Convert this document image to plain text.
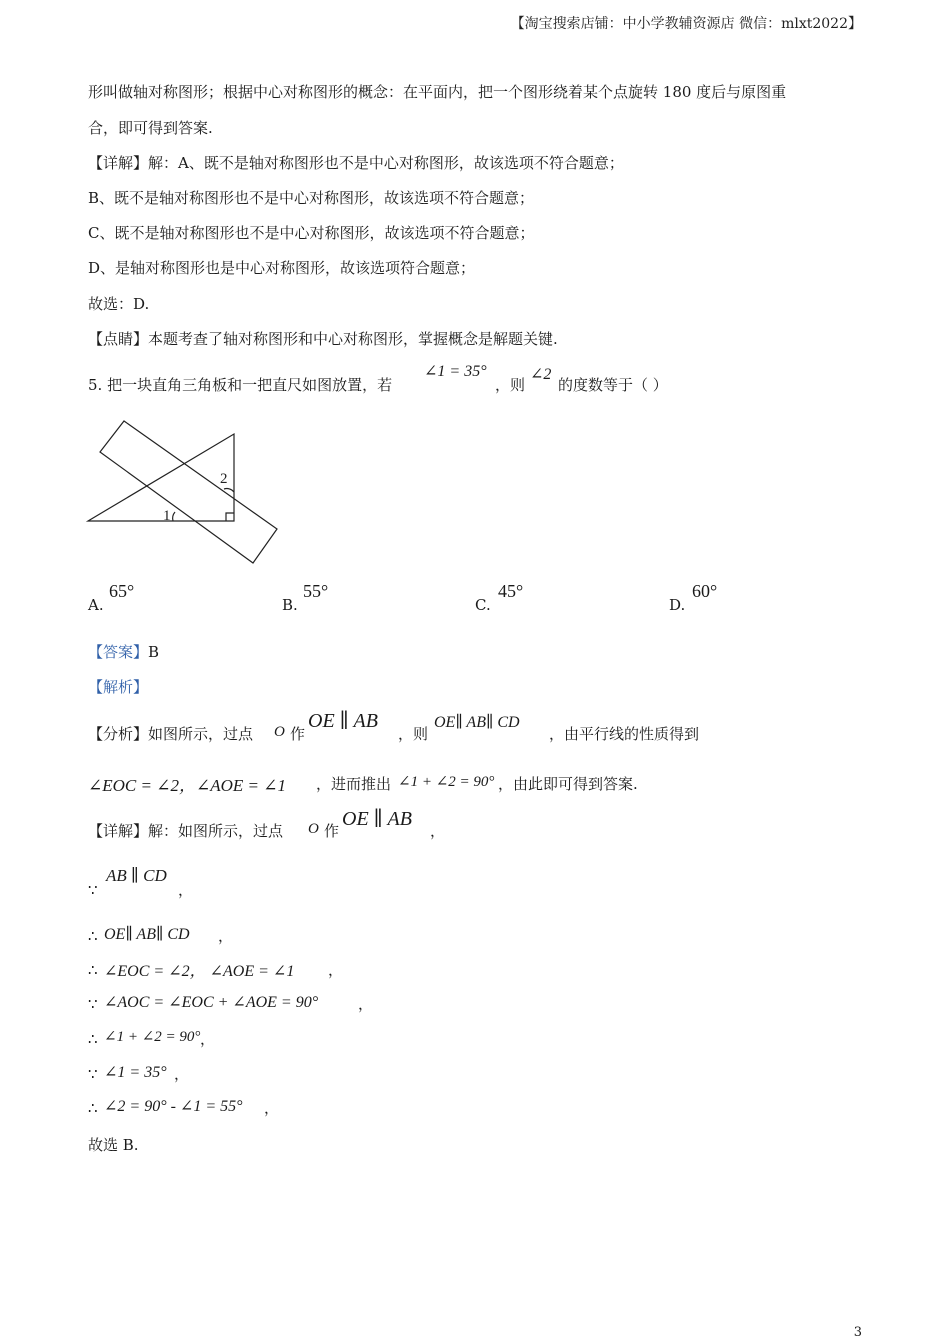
【淘宝搜索店铺：中小学教辅资源店 微信：mlxt2022】
形叫做轴对称图形；根据中心对称图形的概念：在平面内，把一个图形绕着某个点旋转 180 度后与原图重
合，即可得到答案.
【详解】解：A、既不是轴对称图形也不是中心对称图形，故该选项不符合题意；
B、既不是轴对称图形也不是中心对称图形，故该选项不符合题意；
C、既不是轴对称图形也不是中心对称图形，故该选项不符合题意；
D、是轴对称图形也是中心对称图形，故该选项符合题意；
故选：D.
【点睛】本题考查了轴对称图形和中心对称图形，掌握概念是解题关键.
5. 把一块直角三角板和一把直尺如图放置，若
∠1 = 35°
，则
∠2
的度数等于（ ）
1
2
A.
65°
B.
55°
C.
45°
D.
60°
【答案】B
【解析】
【分析】如图所示，过点 O 作
OE ∥ AB
，则
OE∥ AB∥ CD
，由平行线的性质得到
∠EOC = ∠2，∠AOE = ∠1 ，进而推出 ∠1 + ∠2 = 90° ，由此即可得到答案.
【详解】解：如图所示，过点 O 作
OE ∥ AB
，
∵
AB ∥ CD
，
∴ OE∥ AB∥ CD ，
∴ ∠EOC = ∠2， ∠AOE = ∠1 ，
∵ ∠AOC = ∠EOC + ∠AOE = 90°	，
∴ ∠1 + ∠2 = 90° ，
∵ ∠1 = 35° ，
∴ ∠2 = 90° - ∠1 = 55° ，
故选 B.
3
